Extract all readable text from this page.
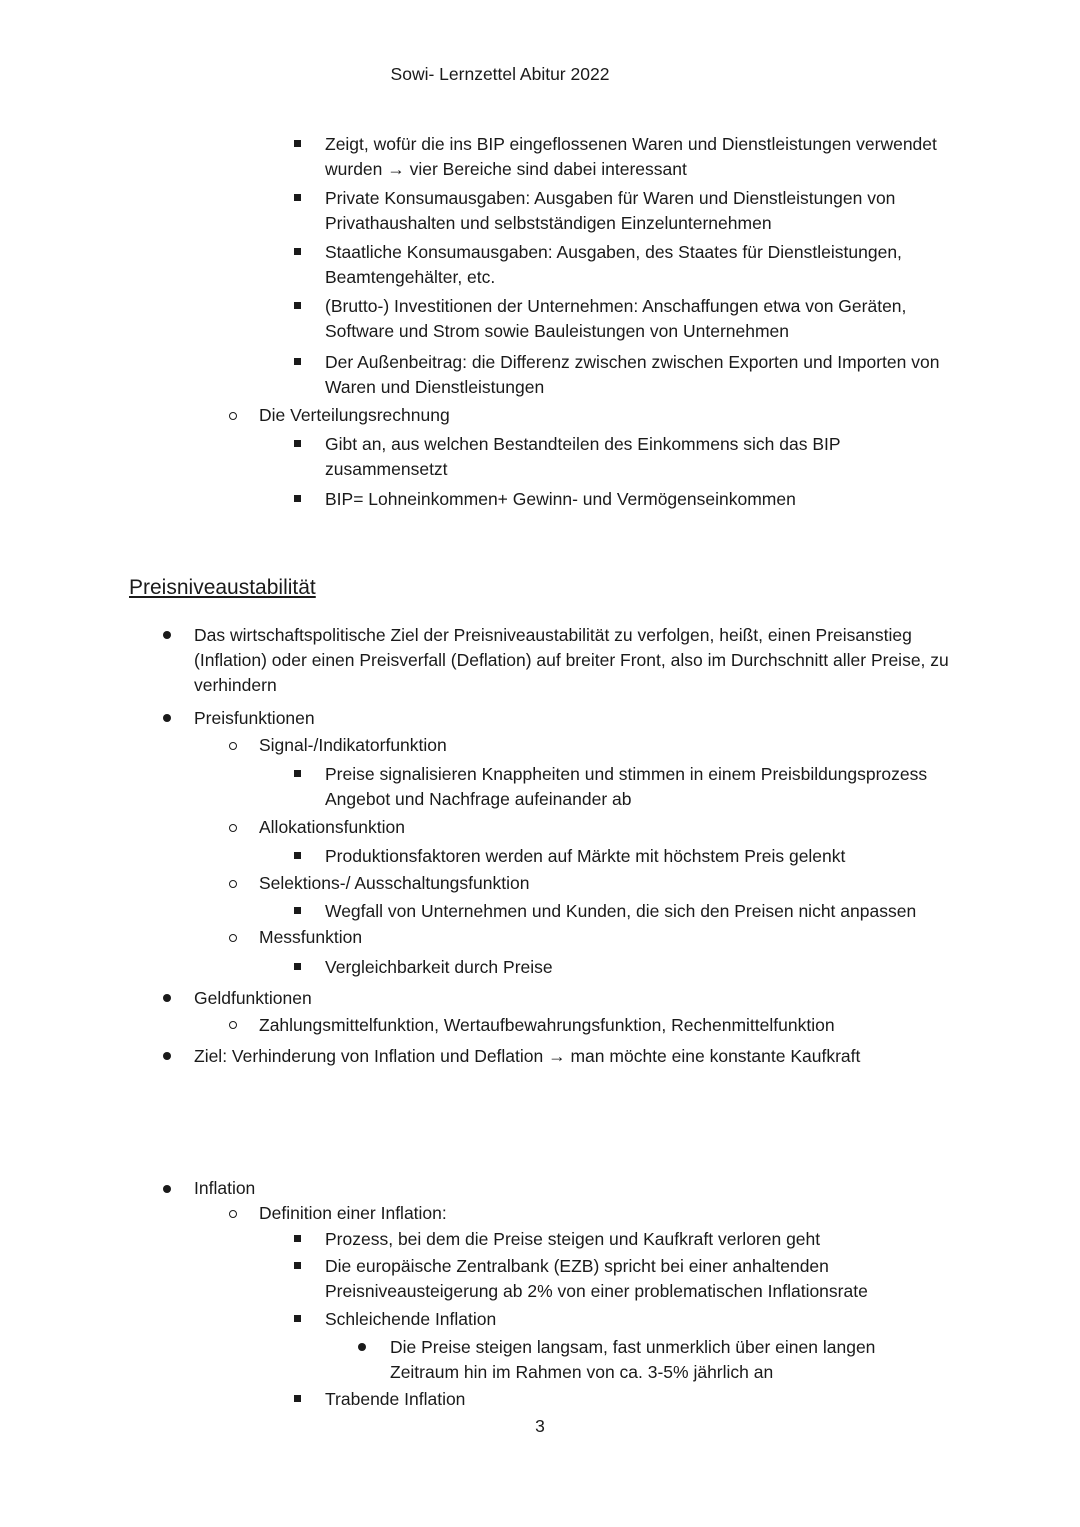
Sowi- Lernzettel Abitur 2022
Zeigt, wofür die ins BIP eingeflossenen Waren und Dienstleistungen verwendet wurden → vier Bereiche sind dabei interessant
Private Konsumausgaben: Ausgaben für Waren und Dienstleistungen von Privathaushalten und selbstständigen Einzelunternehmen
Staatliche Konsumausgaben: Ausgaben, des Staates für Dienstleistungen, Beamtengehälter, etc.
(Brutto-) Investitionen der Unternehmen: Anschaffungen etwa von Geräten, Software und Strom sowie Bauleistungen von Unternehmen
Der Außenbeitrag: die Differenz zwischen zwischen Exporten und Importen von Waren und Dienstleistungen
Die Verteilungsrechnung
Gibt an, aus welchen Bestandteilen des Einkommens sich das BIP zusammensetzt
BIP= Lohneinkommen+ Gewinn- und Vermögenseinkommen
Preisniveaustabilität
Das wirtschaftspolitische Ziel der Preisniveaustabilität zu verfolgen, heißt, einen Preisanstieg (Inflation) oder einen Preisverfall (Deflation) auf breiter Front, also im Durchschnitt aller Preise, zu verhindern
Preisfunktionen
Signal-/Indikatorfunktion
Preise signalisieren Knappheiten und stimmen in einem Preisbildungsprozess Angebot und Nachfrage aufeinander ab
Allokationsfunktion
Produktionsfaktoren werden auf Märkte mit höchstem Preis gelenkt
Selektions-/ Ausschaltungsfunktion
Wegfall von Unternehmen und Kunden, die sich den Preisen nicht anpassen
Messfunktion
Vergleichbarkeit durch Preise
Geldfunktionen
Zahlungsmittelfunktion, Wertaufbewahrungsfunktion, Rechenmittelfunktion
Ziel: Verhinderung von Inflation und Deflation → man möchte eine konstante Kaufkraft
Inflation
Definition einer Inflation:
Prozess, bei dem die Preise steigen und Kaufkraft verloren geht
Die europäische Zentralbank (EZB) spricht bei einer anhaltenden Preisniveausteigerung ab 2% von einer problematischen Inflationsrate
Schleichende Inflation
Die Preise steigen langsam, fast unmerklich über einen langen Zeitraum hin im Rahmen von ca. 3-5% jährlich an
Trabende Inflation
3
